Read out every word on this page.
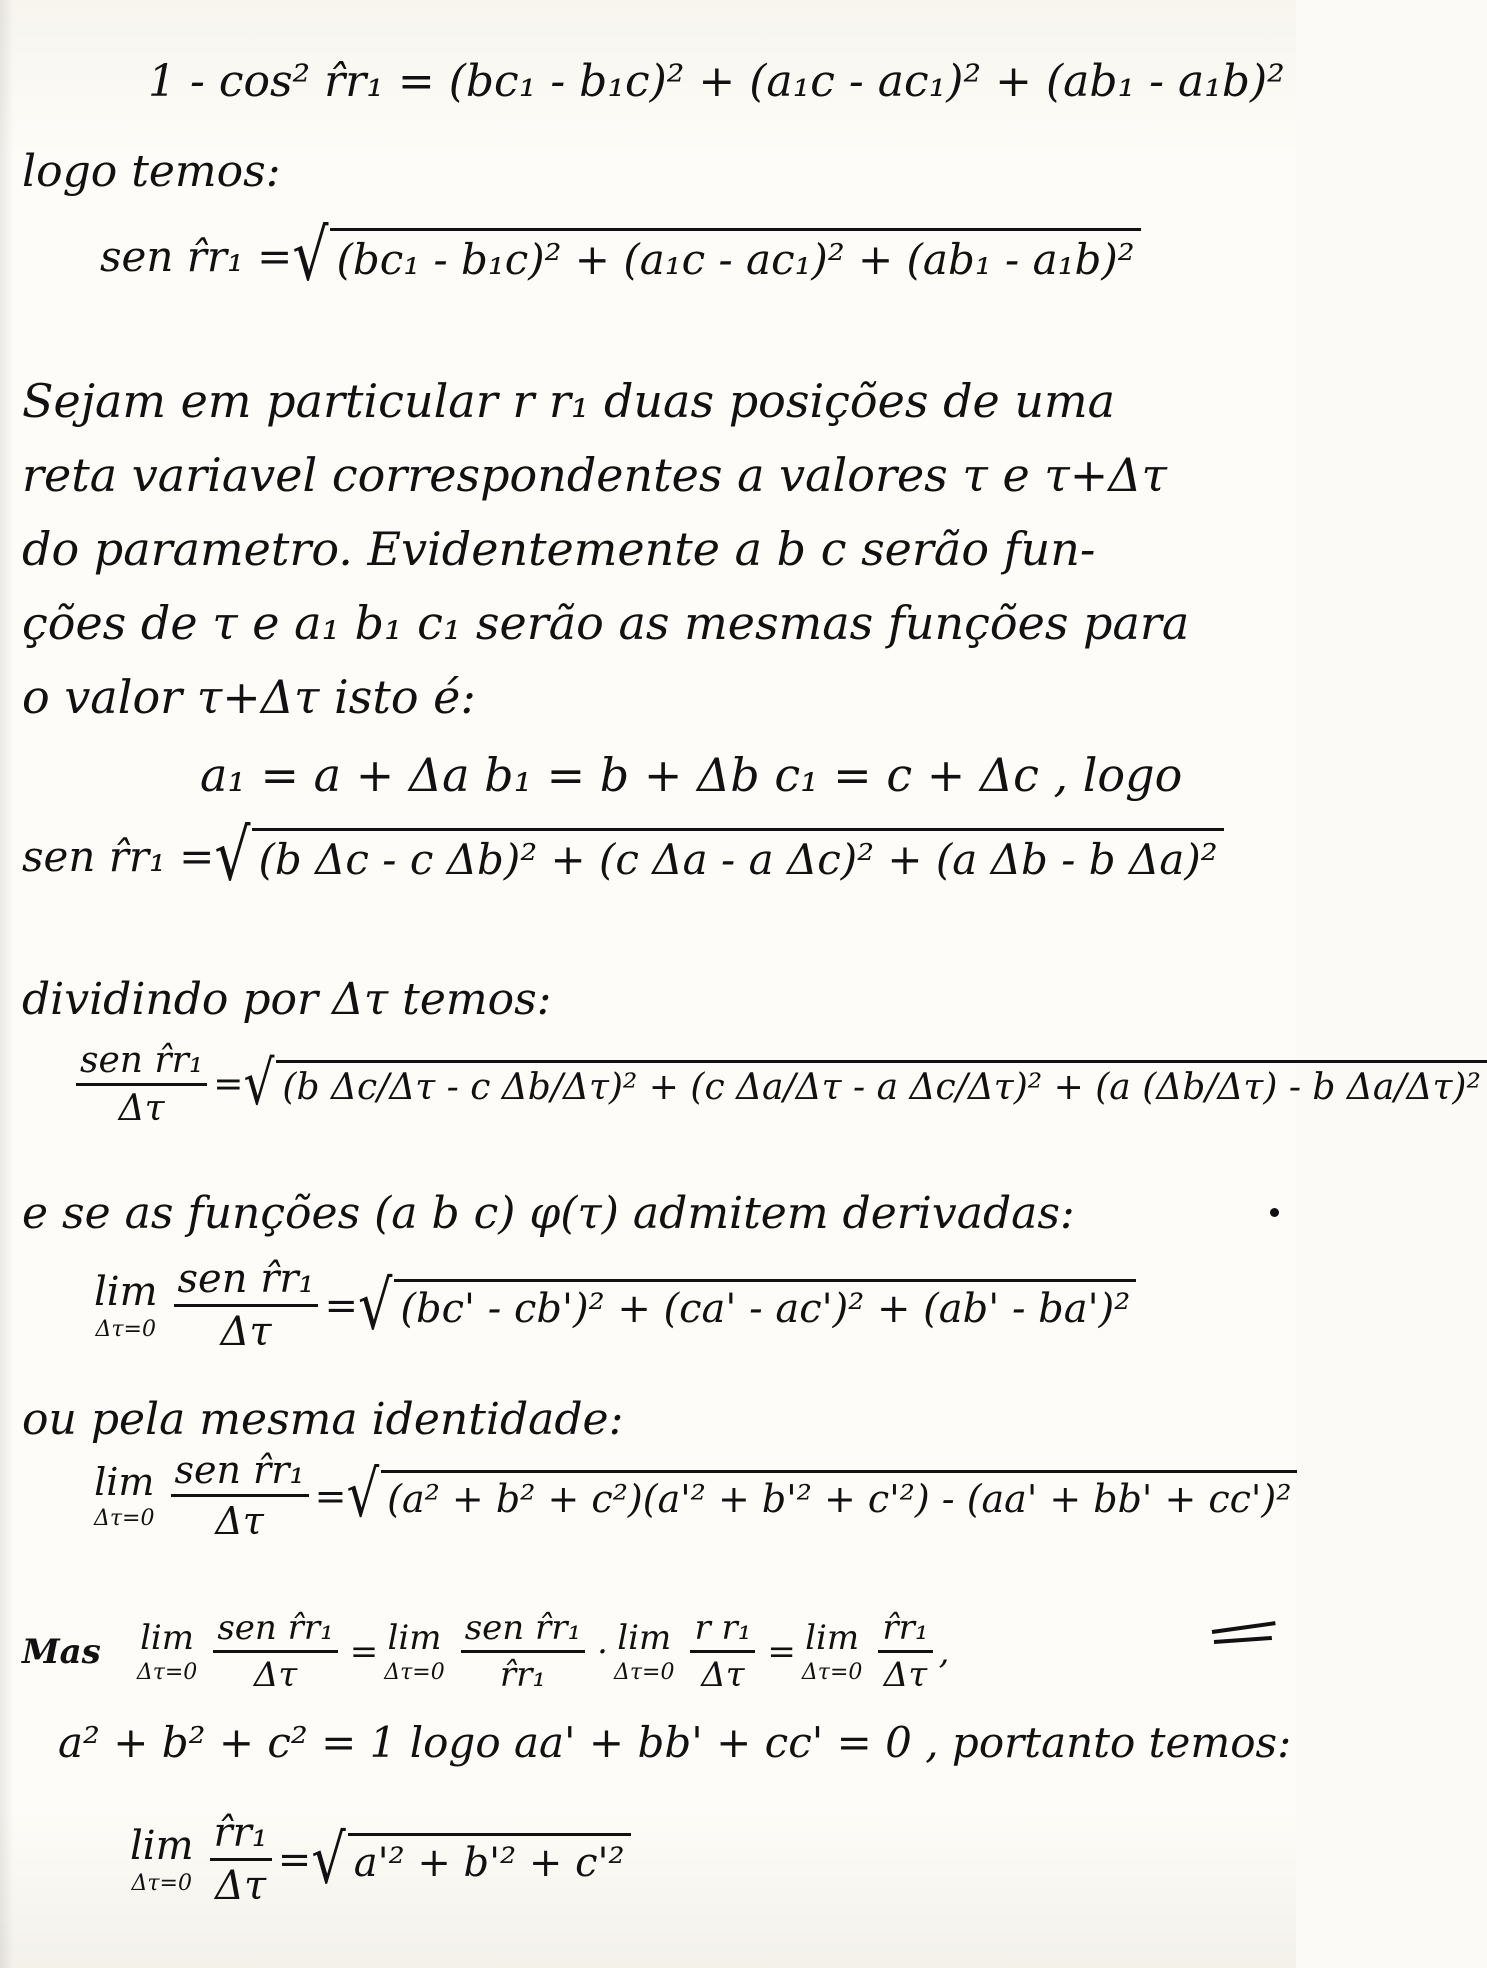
1 - cos² r̂r₁ = (bc₁ - b₁c)² + (a₁c - ac₁)² + (ab₁ - a₁b)²
logo temos:
sen r̂r₁ = √ (bc₁ - b₁c)² + (a₁c - ac₁)² + (ab₁ - a₁b)²
Sejam em particular r r₁ duas posições de uma
reta variavel correspondentes a valores τ e τ+Δτ
do parametro. Evidentemente a b c serão fun-
ções de τ e a₁ b₁ c₁ serão as mesmas funções para
o valor τ+Δτ isto é:
a₁ = a + Δa b₁ = b + Δb c₁ = c + Δc , logo
sen r̂r₁ = √ (b Δc - c Δb)² + (c Δa - a Δc)² + (a Δb - b Δa)²
dividindo por Δτ temos:
$\frac{\text{sen r̂r₁}}{\Delta\tau}$ = √ (b Δc/Δτ - c Δb/Δτ)² + (c Δa/Δτ - a Δc/Δτ)² + (a (Δb/Δτ) - b Δa/Δτ)²
e se as funções (a b c) φ(τ) admitem derivadas:
lim
$\Delta\tau=0 \frac{\text{sen r̂r₁}}{\Delta\tau}$ = √ (bc' - cb')² + (ca' - ac')² + (ab' - ba')²
ou pela mesma identidade:
lim
$\Delta\tau=0 \frac{\text{sen r̂r₁}}{\Delta\tau}$ = √ (a² + b² + c²)(a'² + b'² + c'²) - (aa' + bb' + cc')²
Mas lim
$\Delta\tau=0 \frac{\text{sen r̂r₁}}{\Delta\tau} = \lim$
$\Delta\tau=0 \frac{\text{sen r̂r₁}}{\text{r̂r₁}} \cdot \lim$
$\Delta\tau=0 \frac{\text{r r₁}}{\Delta\tau} = \lim$
$\Delta\tau=0 \frac{\text{r̂r₁}}{\Delta\tau}$ ,
a² + b² + c² = 1 logo aa' + bb' + cc' = 0 , portanto temos:
lim
$\Delta\tau=0 \frac{\text{r̂r₁}}{\Delta\tau}$ = √ a'² + b'² + c'²
